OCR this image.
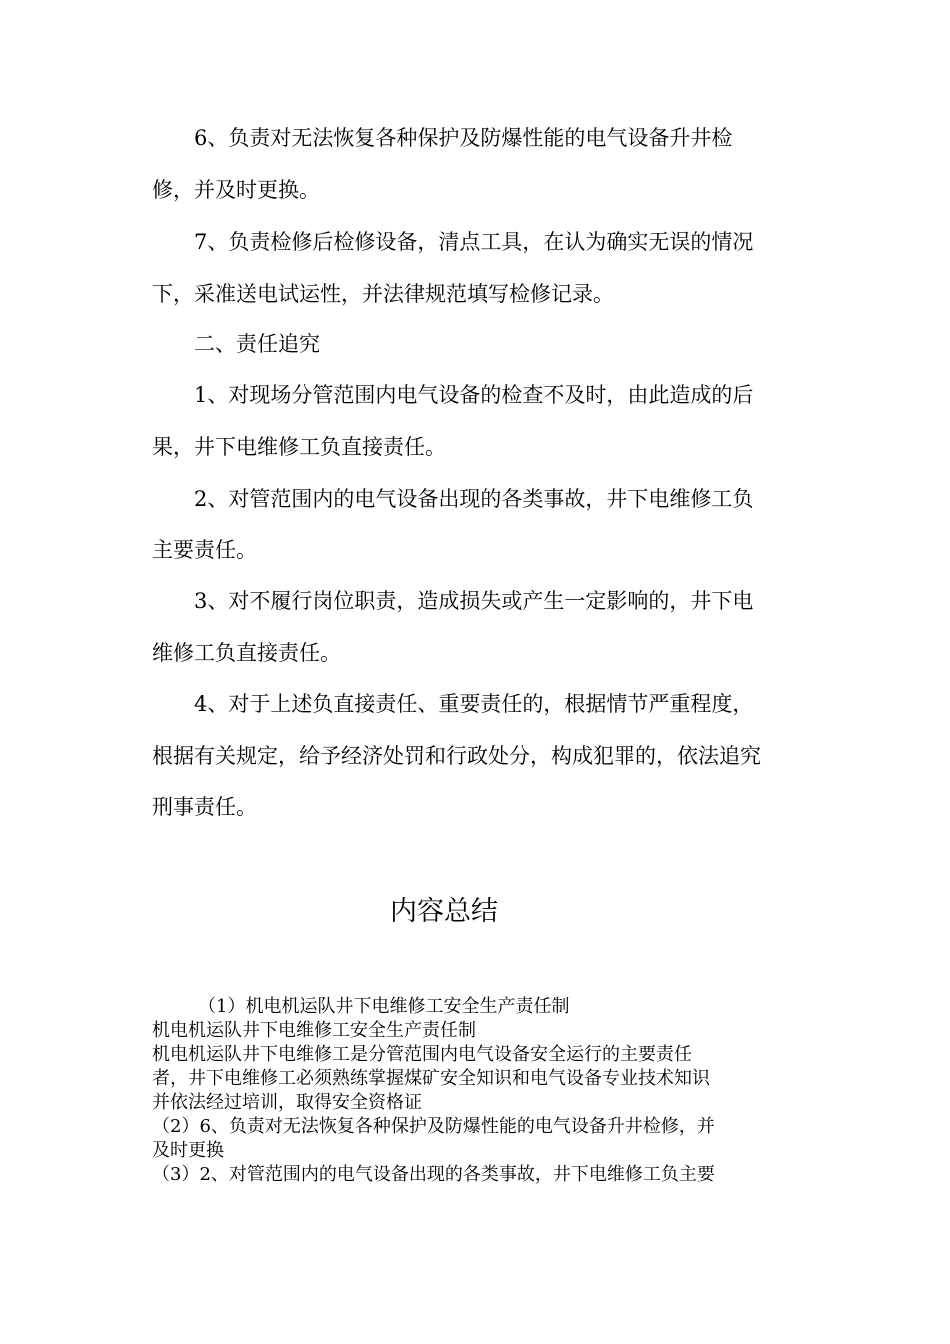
6、负责对无法恢复各种保护及防爆性能的电气设备升井检
修，并及时更换。
7、负责检修后检修设备，清点工具，在认为确实无误的情况
下，采准送电试运性，并法律规范填写检修记录。
二、责任追究
1、对现场分管范围内电气设备的检查不及时，由此造成的后
果，井下电维修工负直接责任。
2、对管范围内的电气设备出现的各类事故，井下电维修工负
主要责任。
3、对不履行岗位职责，造成损失或产生一定影响的，井下电
维修工负直接责任。
4、对于上述负直接责任、重要责任的，根据情节严重程度，
根据有关规定，给予经济处罚和行政处分，构成犯罪的，依法追究
刑事责任。
内容总结
（1）机电机运队井下电维修工安全生产责任制
机电机运队井下电维修工安全生产责任制
机电机运队井下电维修工是分管范围内电气设备安全运行的主要责任
者，井下电维修工必须熟练掌握煤矿安全知识和电气设备专业技术知识
并依法经过培训，取得安全资格证
（2）6、负责对无法恢复各种保护及防爆性能的电气设备升井检修，并
及时更换
（3）2、对管范围内的电气设备出现的各类事故，井下电维修工负主要
